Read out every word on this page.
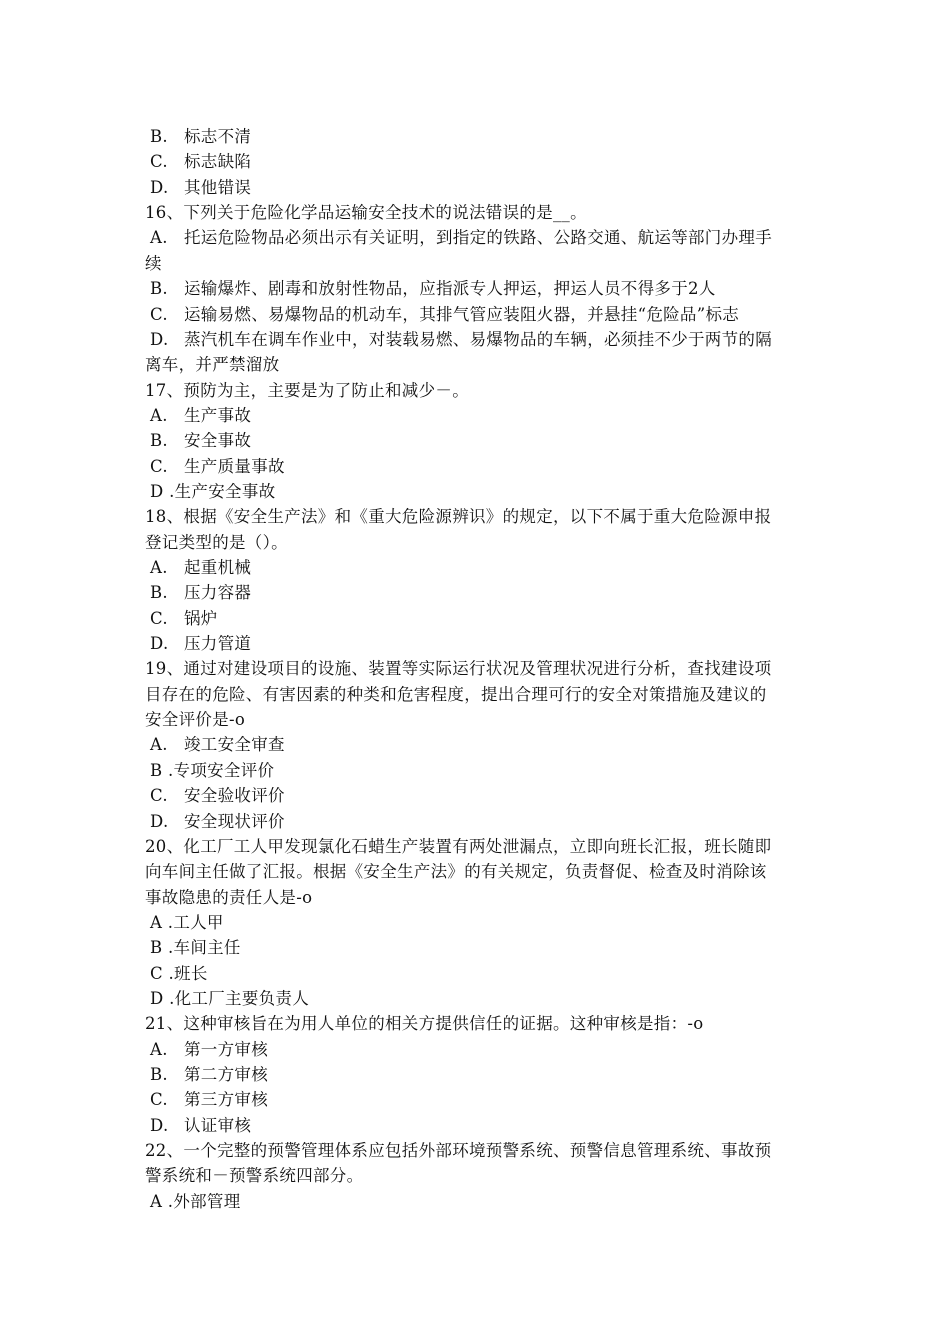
B. 标志不清
C. 标志缺陷
D. 其他错误
16、下列关于危险化学品运输安全技术的说法错误的是__。
A. 托运危险物品必须出示有关证明，到指定的铁路、公路交通、航运等部门办理手
续
B. 运输爆炸、剧毒和放射性物品，应指派专人押运，押运人员不得多于2人
C. 运输易燃、易爆物品的机动车，其排气管应装阻火器，并悬挂“危险品”标志
D. 蒸汽机车在调车作业中，对装载易燃、易爆物品的车辆，必须挂不少于两节的隔
离车，并严禁溜放
17、预防为主，主要是为了防止和减少－。
A. 生产事故
B. 安全事故
C. 生产质量事故
D .生产安全事故
18、根据《安全生产法》和《重大危险源辨识》的规定，以下不属于重大危险源申报
登记类型的是（）。
A. 起重机械
B. 压力容器
C. 锅炉
D. 压力管道
19、通过对建设项目的设施、装置等实际运行状况及管理状况进行分析，查找建设项
目存在的危险、有害因素的种类和危害程度，提出合理可行的安全对策措施及建议的
安全评价是-o
A. 竣工安全审查
B .专项安全评价
C. 安全验收评价
D. 安全现状评价
20、化工厂工人甲发现氯化石蜡生产装置有两处泄漏点，立即向班长汇报，班长随即
向车间主任做了汇报。根据《安全生产法》的有关规定，负责督促、检查及时消除该
事故隐患的责任人是-o
A .工人甲
B .车间主任
C .班长
D .化工厂主要负责人
21、这种审核旨在为用人单位的相关方提供信任的证据。这种审核是指：-o
A. 第一方审核
B. 第二方审核
C. 第三方审核
D. 认证审核
22、一个完整的预警管理体系应包括外部环境预警系统、预警信息管理系统、事故预
警系统和－预警系统四部分。
A .外部管理
